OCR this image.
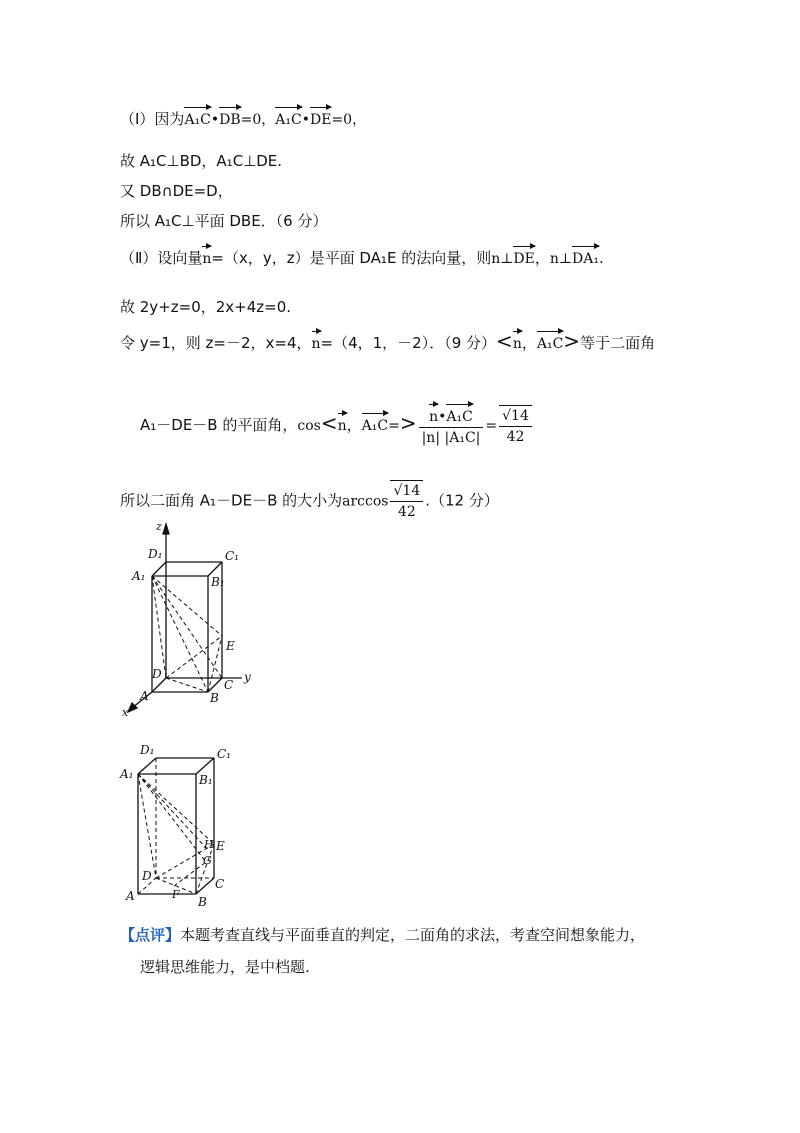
（Ⅰ）因为A₁C•DB=0，A₁C•DE=0，
故 A₁C⊥BD，A₁C⊥DE.
又 DB∩DE=D，
所以 A₁C⊥平面 DBE．（6 分）
（Ⅱ）设向量n=（x，y，z）是平面 DA₁E 的法向量，则n⊥DE，n⊥DA₁.
故 2y+z=0，2x+4z=0.
令 y=1，则 z=－2，x=4，n=（4，1，－2）．（9 分）<n，A₁C>等于二面角
A₁－DE－B 的平面角，cos<n，$A_1C=> \frac{\text{n•A₁C}}{\text{|n| |A₁C|}} = \frac{√14}{42}$
所以二面角 A₁－DE－B 的大小为$\arccos \frac{√14}{42} .(12$ 分）
z
D₁	C₁
A₁	B₁
E
D
C
y
A	B
x
D₁	C₁
A₁	B₁
H E
G
D
C
A	F
B
【点评】本题考查直线与平面垂直的判定，二面角的求法，考查空间想象能力，
逻辑思维能力，是中档题.
